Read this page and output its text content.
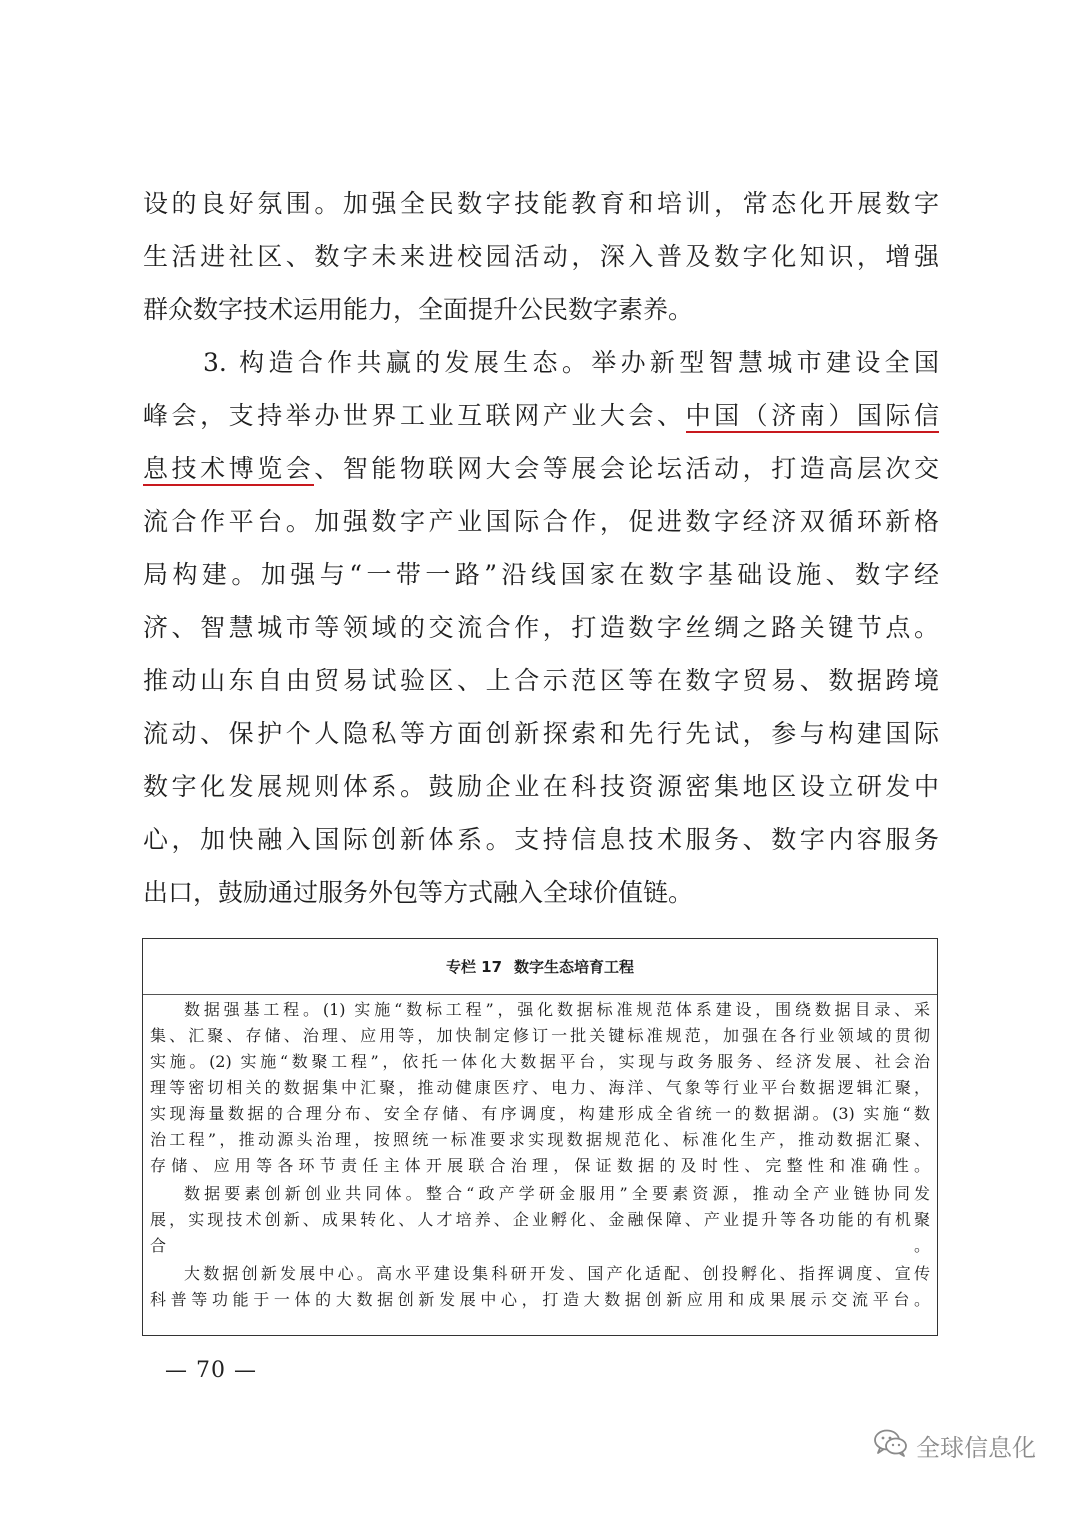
设的良好氛围。加强全民数字技能教育和培训，常态化开展数字
生活进社区、数字未来进校园活动，深入普及数字化知识，增强
群众数字技术运用能力，全面提升公民数字素养。
3. 构造合作共赢的发展生态。举办新型智慧城市建设全国
峰会，支持举办世界工业互联网产业大会、中国（济南）国际信
息技术博览会、智能物联网大会等展会论坛活动，打造高层次交
流合作平台。加强数字产业国际合作，促进数字经济双循环新格
局构建。加强与“一带一路”沿线国家在数字基础设施、数字经
济、智慧城市等领域的交流合作，打造数字丝绸之路关键节点。
推动山东自由贸易试验区、上合示范区等在数字贸易、数据跨境
流动、保护个人隐私等方面创新探索和先行先试，参与构建国际
数字化发展规则体系。鼓励企业在科技资源密集地区设立研发中
心，加快融入国际创新体系。支持信息技术服务、数字内容服务
出口，鼓励通过服务外包等方式融入全球价值链。
专栏 17 数字生态培育工程
数据强基工程。(1) 实施“数标工程”，强化数据标准规范体系建设，围绕数据目录、采
集、汇聚、存储、治理、应用等，加快制定修订一批关键标准规范，加强在各行业领域的贯彻
实施。(2) 实施“数聚工程”，依托一体化大数据平台，实现与政务服务、经济发展、社会治
理等密切相关的数据集中汇聚，推动健康医疗、电力、海洋、气象等行业平台数据逻辑汇聚，
实现海量数据的合理分布、安全存储、有序调度，构建形成全省统一的数据湖。(3) 实施“数
治工程”，推动源头治理，按照统一标准要求实现数据规范化、标准化生产，推动数据汇聚、
存储、应用等各环节责任主体开展联合治理，保证数据的及时性、完整性和准确性。
数据要素创新创业共同体。整合“政产学研金服用”全要素资源，推动全产业链协同发
展，实现技术创新、成果转化、人才培养、企业孵化、金融保障、产业提升等各功能的有机聚
合。
大数据创新发展中心。高水平建设集科研开发、国产化适配、创投孵化、指挥调度、宣传
科普等功能于一体的大数据创新发展中心，打造大数据创新应用和成果展示交流平台。
— 70 —
全球信息化
